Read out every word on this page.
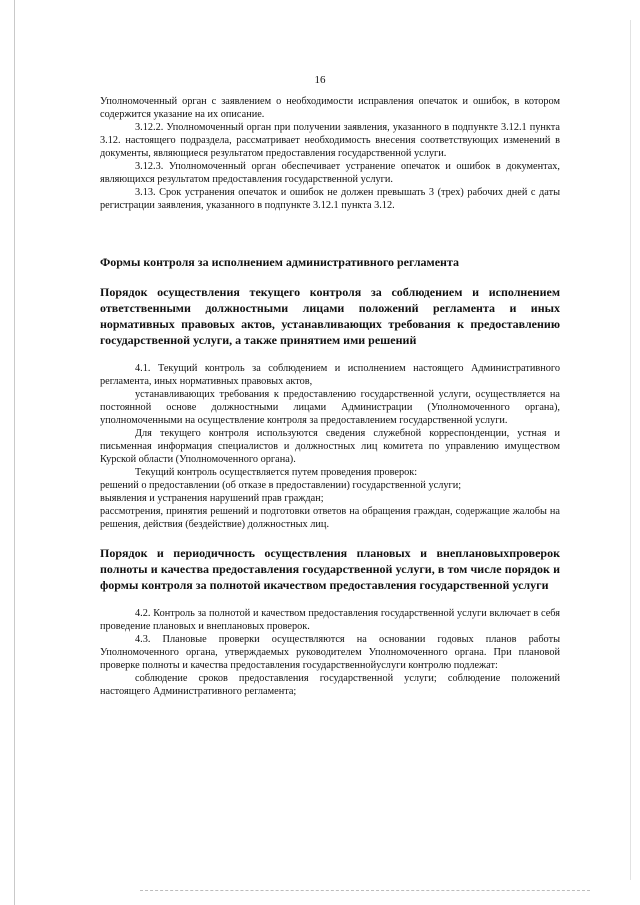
16

Уполномоченный орган с заявлением о необходимости исправления опечаток и ошибок, в котором содержится указание на их описание.

3.12.2. Уполномоченный орган при получении заявления, указанного в подпункте 3.12.1 пункта 3.12. настоящего подраздела, рассматривает необходимость внесения соответствующих изменений в документы, являющиеся результатом предоставления государственной услуги.

3.12.3. Уполномоченный орган обеспечивает устранение опечаток и ошибок в документах, являющихся результатом предоставления государственной услуги.

3.13. Срок устранения опечаток и ошибок не должен превышать 3 (трех) рабочих дней с даты регистрации заявления, указанного в подпункте 3.12.1 пункта 3.12.

Формы контроля за исполнением административного регламента

Порядок осуществления текущего контроля за соблюдением и исполнением ответственными должностными лицами положений регламента и иных нормативных правовых актов, устанавливающих требования к предоставлению государственной услуги, а также принятием ими решений

4.1. Текущий контроль за соблюдением и исполнением настоящего Административного регламента, иных нормативных правовых актов,

устанавливающих требования к предоставлению государственной услуги, осуществляется на постоянной основе должностными лицами Администрации (Уполномоченного органа), уполномоченными на осуществление контроля за предоставлением государственной услуги.

Для текущего контроля используются сведения служебной корреспонденции, устная и письменная информация специалистов и должностных лиц комитета по управлению имуществом Курской области (Уполномоченного органа).

Текущий контроль осуществляется путем проведения проверок:

решений о предоставлении (об отказе в предоставлении) государственной услуги;

выявления и устранения нарушений прав граждан;

рассмотрения, принятия решений и подготовки ответов на обращения граждан, содержащие жалобы на решения, действия (бездействие) должностных лиц.

Порядок и периодичность осуществления плановых и внеплановыхпроверок полноты и качества предоставления государственной услуги, в том числе порядок и формы контроля за полнотой икачеством предоставления государственной услуги

4.2. Контроль за полнотой и качеством предоставления государственной услуги включает в себя проведение плановых и внеплановых проверок.

4.3. Плановые проверки осуществляются на основании годовых планов работы Уполномоченного органа, утверждаемых руководителем Уполномоченного органа. При плановой проверке полноты и качества предоставления государственнойуслуги контролю подлежат:

соблюдение сроков предоставления государственной услуги; соблюдение положений настоящего Административного регламента;
